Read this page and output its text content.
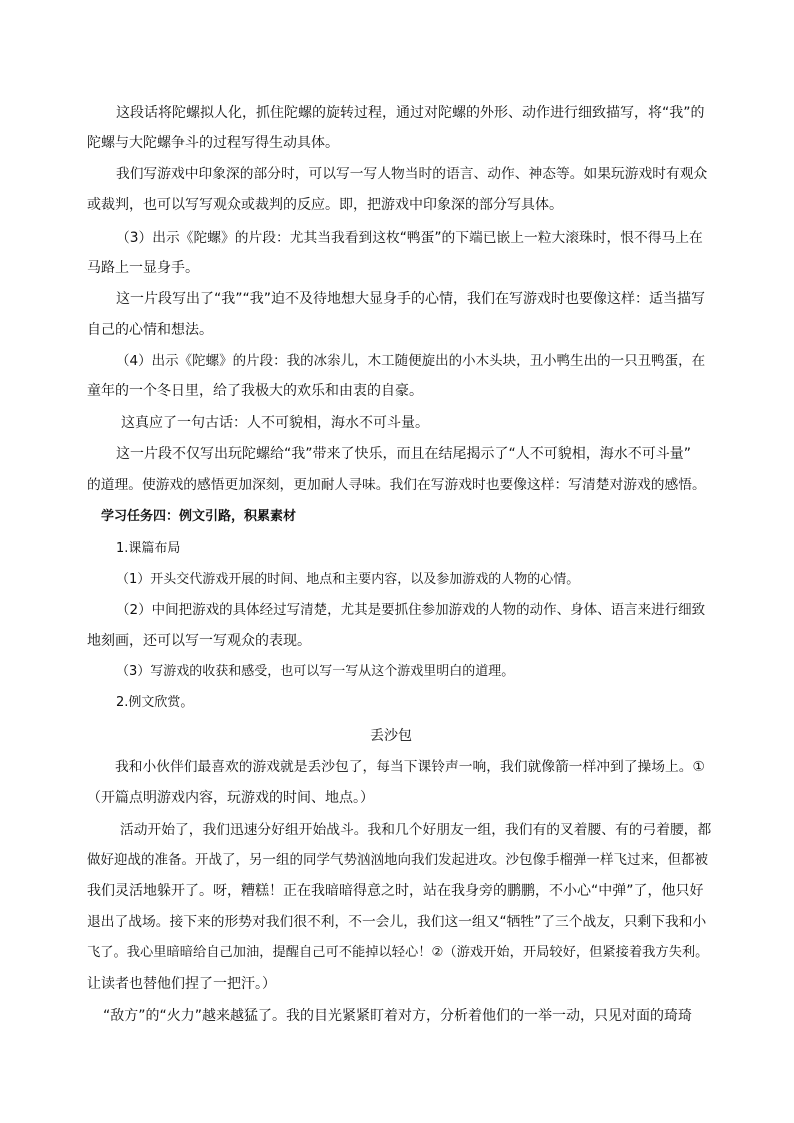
这段话将陀螺拟人化，抓住陀螺的旋转过程，通过对陀螺的外形、动作进行细致描写，将“我”的
陀螺与大陀螺争斗的过程写得生动具体。
我们写游戏中印象深的部分时，可以写一写人物当时的语言、动作、神态等。如果玩游戏时有观众
或裁判，也可以写写观众或裁判的反应。即，把游戏中印象深的部分写具体。
（3）出示《陀螺》的片段：尤其当我看到这枚“鸭蛋”的下端已嵌上一粒大滚珠时，恨不得马上在
马路上一显身手。
这一片段写出了“我”“我”迫不及待地想大显身手的心情，我们在写游戏时也要像这样：适当描写
自己的心情和想法。
（4）出示《陀螺》的片段：我的冰尜儿，木工随便旋出的小木头块，丑小鸭生出的一只丑鸭蛋，在
童年的一个冬日里，给了我极大的欢乐和由衷的自豪。
这真应了一句古话：人不可貌相，海水不可斗量。
这一片段不仅写出玩陀螺给“我”带来了快乐，而且在结尾揭示了“人不可貌相，海水不可斗量”
的道理。使游戏的感悟更加深刻，更加耐人寻味。我们在写游戏时也要像这样：写清楚对游戏的感悟。
学习任务四：例文引路，积累素材
1.课篇布局
（1）开头交代游戏开展的时间、地点和主要内容，以及参加游戏的人物的心情。
（2）中间把游戏的具体经过写清楚，尤其是要抓住参加游戏的人物的动作、身体、语言来进行细致
地刻画，还可以写一写观众的表现。
（3）写游戏的收获和感受，也可以写一写从这个游戏里明白的道理。
2.例文欣赏。
丢沙包
我和小伙伴们最喜欢的游戏就是丢沙包了，每当下课铃声一响，我们就像箭一样冲到了操场上。①
（开篇点明游戏内容，玩游戏的时间、地点。）
活动开始了，我们迅速分好组开始战斗。我和几个好朋友一组，我们有的叉着腰、有的弓着腰，都
做好迎战的准备。开战了，另一组的同学气势汹汹地向我们发起进攻。沙包像手榴弹一样飞过来，但都被
我们灵活地躲开了。呀，糟糕！正在我暗暗得意之时，站在我身旁的鹏鹏，不小心“中弹”了，他只好
退出了战场。接下来的形势对我们很不利，不一会儿，我们这一组又“牺牲”了三个战友，只剩下我和小
飞了。我心里暗暗给自己加油，提醒自己可不能掉以轻心！②（游戏开始，开局较好，但紧接着我方失利。
让读者也替他们捏了一把汗。）
“敌方”的“火力”越来越猛了。我的目光紧紧盯着对方，分析着他们的一举一动，只见对面的琦琦
